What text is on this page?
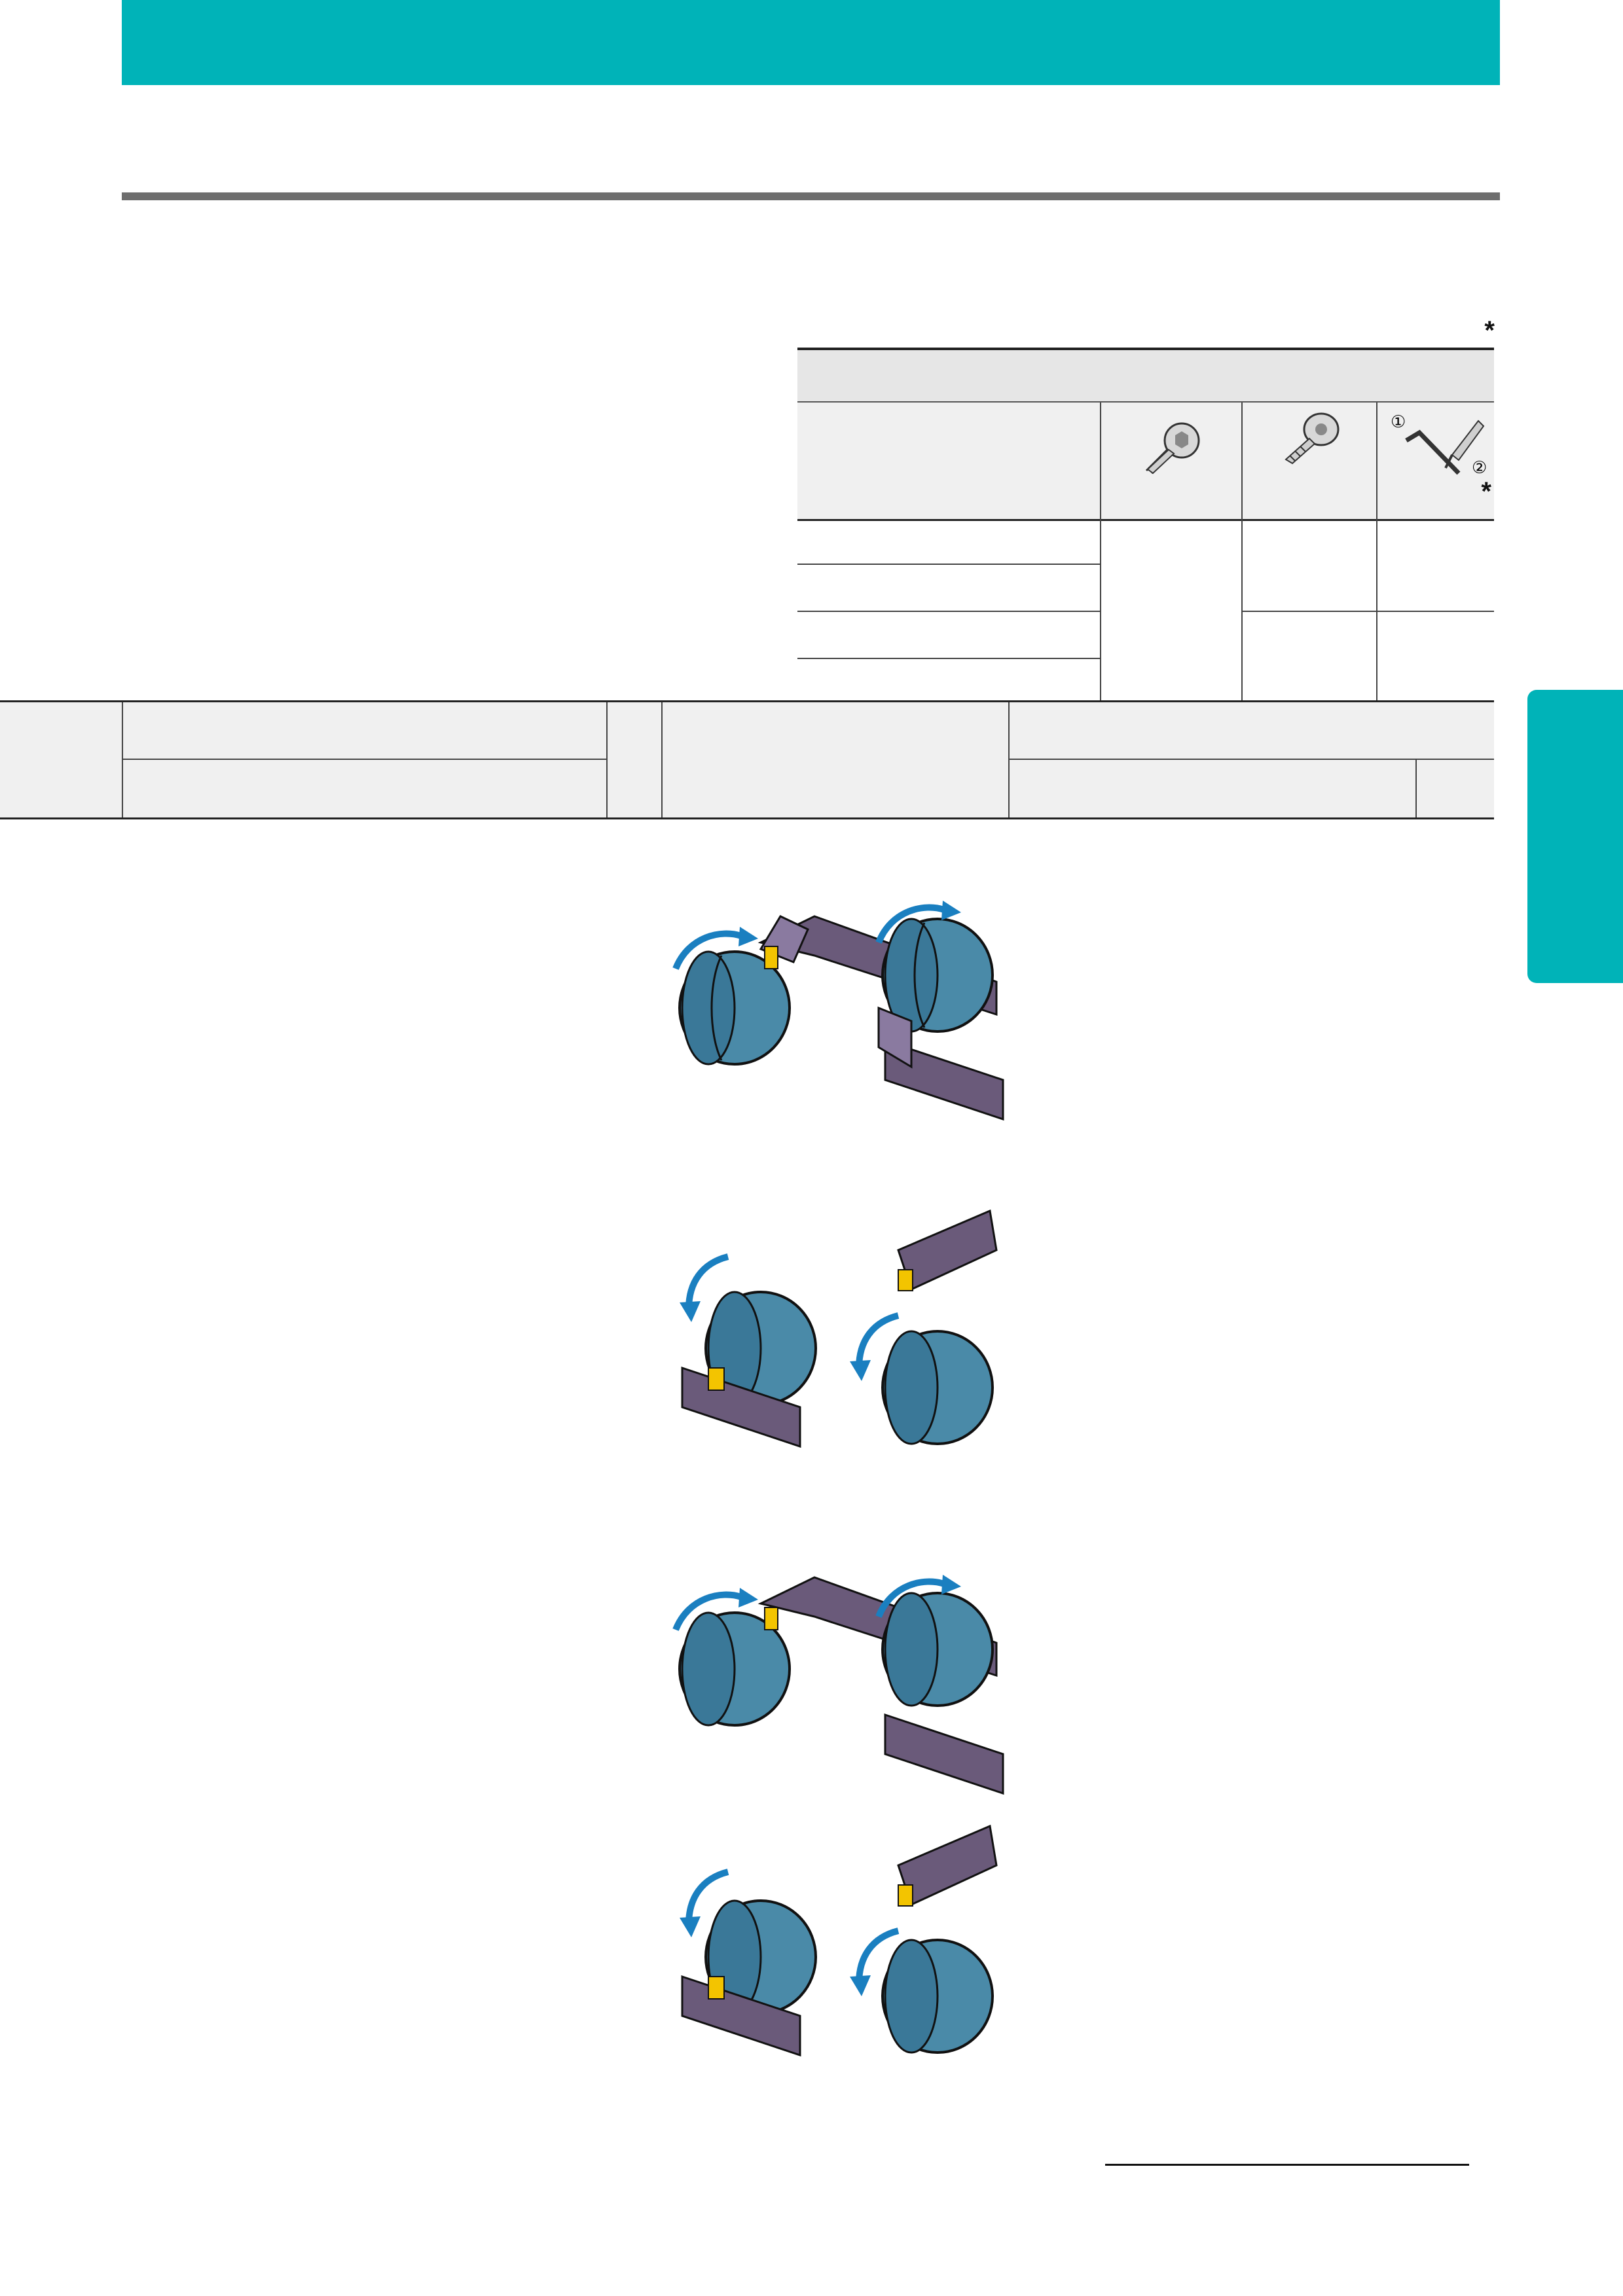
*
①
②
*
